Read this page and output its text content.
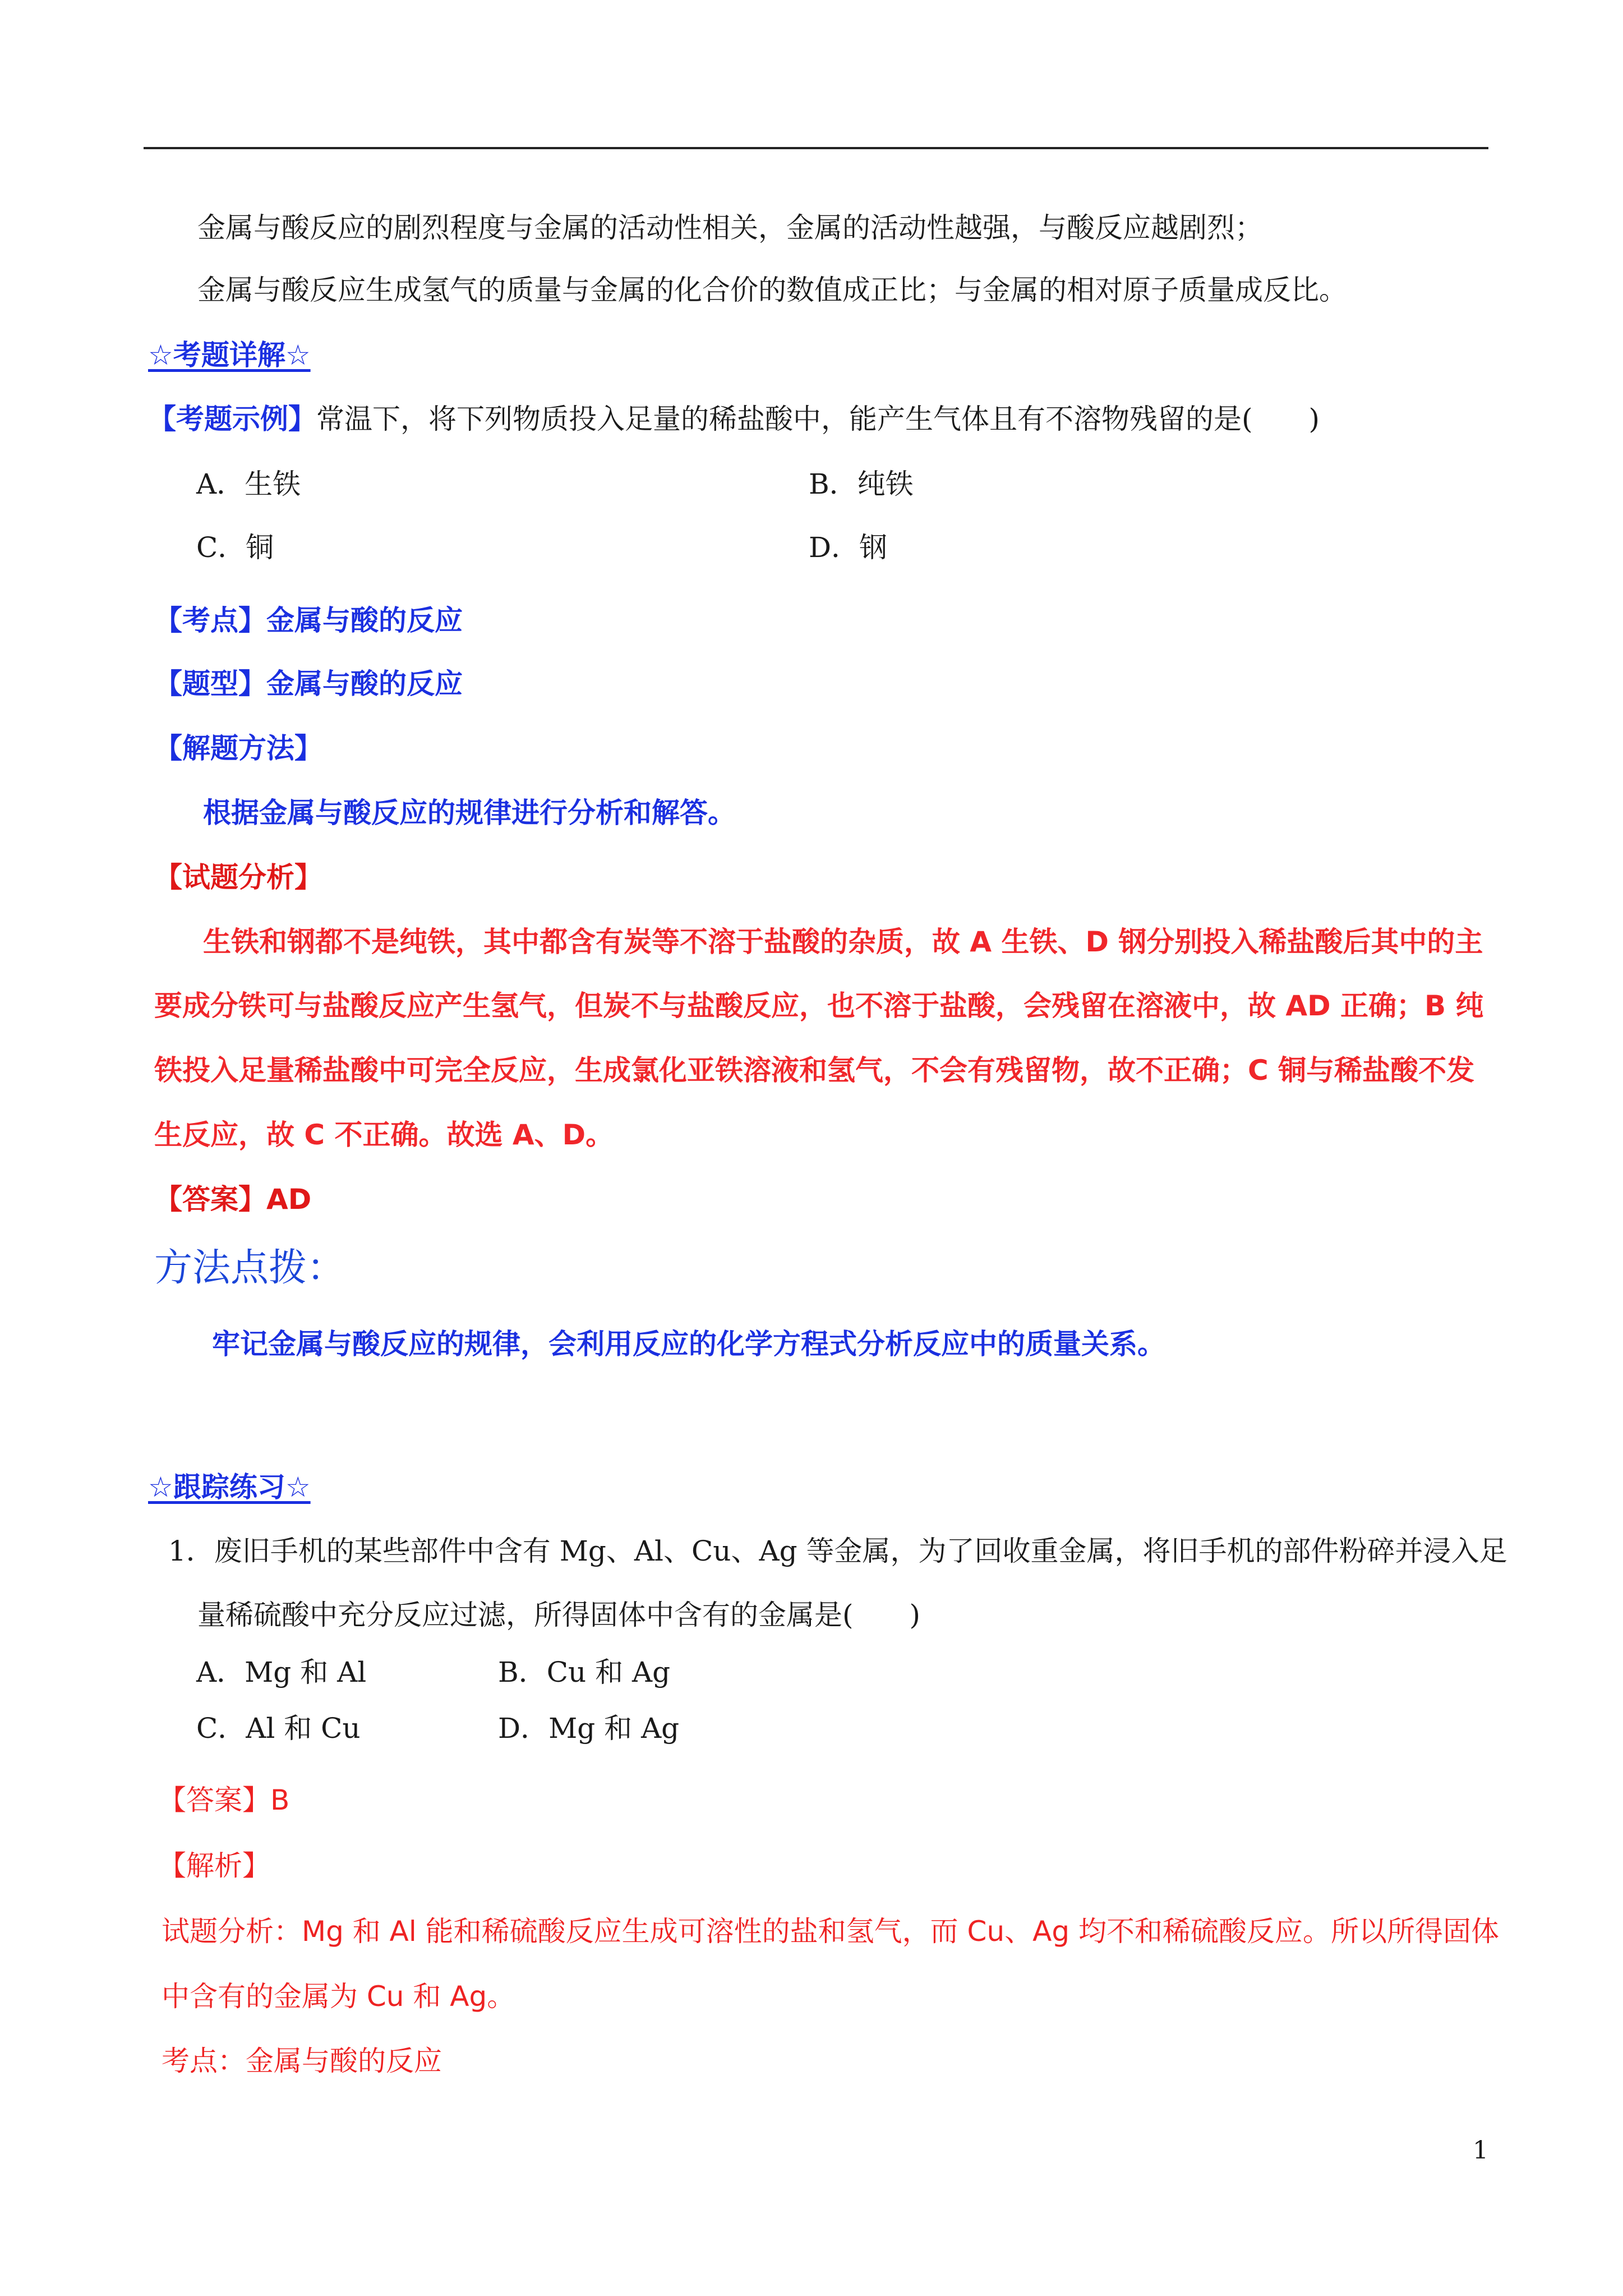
金属与酸反应的剧烈程度与金属的活动性相关，金属的活动性越强，与酸反应越剧烈；
金属与酸反应生成氢气的质量与金属的化合价的数值成正比；与金属的相对原子质量成反比。
☆考题详解☆
【考题示例】常温下，将下列物质投入足量的稀盐酸中，能产生气体且有不溶物残留的是(　　)
A．生铁	B．纯铁
C．铜	D．钢
【考点】金属与酸的反应
【题型】金属与酸的反应
【解题方法】
根据金属与酸反应的规律进行分析和解答。
【试题分析】
生铁和钢都不是纯铁，其中都含有炭等不溶于盐酸的杂质，故 A 生铁、D 钢分别投入稀盐酸后其中的主
要成分铁可与盐酸反应产生氢气，但炭不与盐酸反应，也不溶于盐酸，会残留在溶液中，故 AD 正确；B 纯
铁投入足量稀盐酸中可完全反应，生成氯化亚铁溶液和氢气，不会有残留物，故不正确；C 铜与稀盐酸不发
生反应，故 C 不正确。故选 A、D。
【答案】AD
方法点拨：
牢记金属与酸反应的规律，会利用反应的化学方程式分析反应中的质量关系。
☆跟踪练习☆
1．废旧手机的某些部件中含有 Mg、Al、Cu、Ag 等金属，为了回收重金属，将旧手机的部件粉碎并浸入足
量稀硫酸中充分反应过滤，所得固体中含有的金属是(　　)
A．Mg 和 Al	B．Cu 和 Ag
C．Al 和 Cu	D．Mg 和 Ag
【答案】B
【解析】
试题分析：Mg 和 Al 能和稀硫酸反应生成可溶性的盐和氢气，而 Cu、Ag 均不和稀硫酸反应。所以所得固体
中含有的金属为 Cu 和 Ag。
考点：金属与酸的反应
1
